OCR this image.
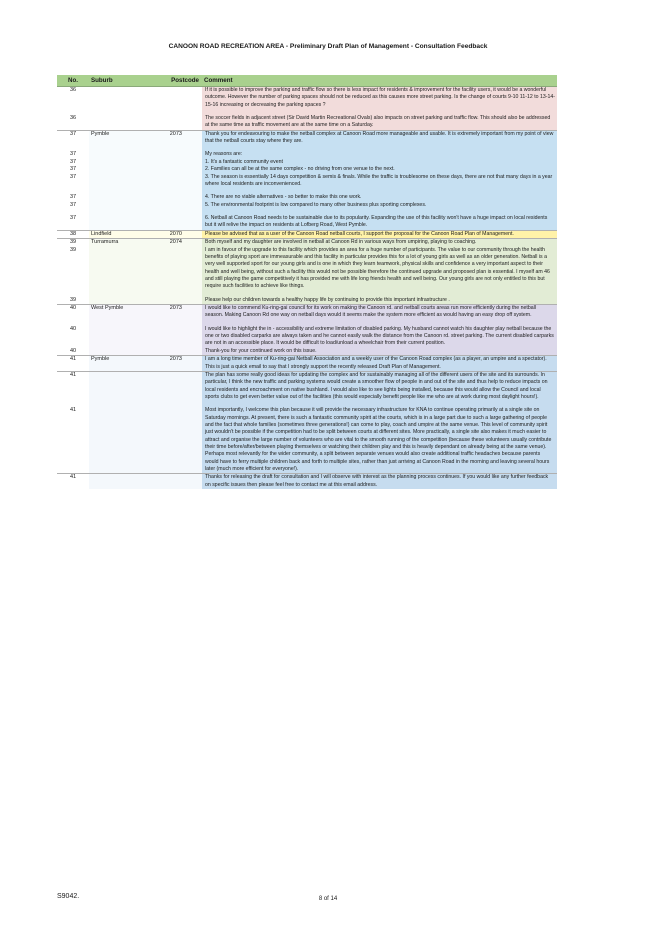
CANOON ROAD RECREATION AREA - Preliminary Draft Plan of Management - Consultation Feedback
No.	Suburb	Postcode	Comment
36			If it is possible to improve the parking and traffic flow so there is less impact for residents & improvement for the facility users, it would be a wonderful outcome. However the number of parking spaces should not be reduced as this causes more street parking. Is the change of courts 9-10 11-12 to 13-14-15-16 increasing or decreasing the parking spaces ?

36			The soccer fields in adjacent street (Sir David Martin Recreational Ovals) also impacts on street parking and traffic flow. This should also be addressed at the same time as traffic movement are at the same time on a Saturday.
37	Pymble	2073	Thank you for endeavouring to make the netball complex at Canoon Road more manageable and usable. It is extremely important from my point of view that the netball courts stay where they are.

37			My reasons are:
37			1. It's a fantastic community event
37			2. Families can all be at the same complex - no driving from one venue to the next.
37			3. The season is essentially 14 days competition & semis & finals. While the traffic is troublesome on these days, there are not that many days in a year where local residents are inconvenienced.

37			4. There are no viable alternatives - so better to make this one work.
37			5. The environmental footprint is low compared to many other business plus sporting complexes.

37			6. Netball at Canoon Road needs to be sustainable due to its popularity. Expanding the use of this facility won't have a huge impact on local residents but it will relive the impact on residents at Lofberg Road, West Pymble.
38	Lindfield	2070	Please be advised that as a user of the Canoon Road netball courts, I support the proposal for the Canoon Road Plan of Management.
39	Turramurra	2074	Both myself and my daughter are involved in netball at Canoon Rd in various ways from umpiring, playing to coaching.
39			I am in favour of the upgrade to this facility which provides an area for a huge number of participants. The value to our community through the health benefits of playing sport are immeasurable and this facility in particular provides this for a lot of young girls as well as an older generation. Netball is a very well supported sport for our young girls and is one in which they learn teamwork, physical skills and confidence a very important aspect to their health and well being, without such a facility this would not be possible therefore the continued upgrade and proposed plan is essential. I myself am 46 and still playing the game competitively it has provided me with life long friends health and well being. Our young girls are not only entitled to this but require such facilities to achieve like things.

39			Please help our children towards a healthy happy life by continuing to provide this important infrastructure .
40	West Pymble	2073	I would like to commend Ku-ring-gai council for its work on making the Canoon rd. and netball courts areas run more efficiently during the netball season. Making Canoon Rd one way on netball days would it seems make the system more efficient as would having an easy drop off system.

40			I would like to highlight the in - accessibility and extreme limitation of disabled parking. My husband cannot watch his daughter play netball because the one or two disabled carparks are always taken and he cannot easily walk the distance from the Canoon rd. street parking. The current disabled carparks are not in an accessible place. It would be difficult to load/unload a wheelchair from their current position.
40			Thank-you for your continued work on this issue.
41	Pymble	2073	I am a long time member of Ku-ring-gai Netball Association and a weekly user of the Canoon Road complex (as a player, an umpire and a spectator). This is just a quick email to say that I strongly support the recently released Draft Plan of Management.
41			The plan has some really good ideas for updating the complex and for sustainably managing all of the different users of the site and its surrounds. In particular, I think the new traffic and parking systems would create a smoother flow of people in and out of the site and thus help to reduce impacts on local residents and encroachment on native bushland. I would also like to see lights being installed, because this would allow the Council and local sports clubs to get even better value out of the facilities (this would especially benefit people like me who are at work during most daylight hours!).

41			Most importantly, I welcome this plan because it will provide the necessary infrastructure for KNA to continue operating primarily at a single site on Saturday mornings. At present, there is such a fantastic community spirit at the courts, which is in a large part due to such a large gathering of people and the fact that whole families (sometimes three generations!) can come to play, coach and umpire at the same venue. This level of community spirit just wouldn't be possible if the competition had to be split between courts at different sites. More practically, a single site also makes it much easier to attract and organise the large number of volunteers who are vital to the smooth running of the competition (because these volunteers usually contribute their time before/after/between playing themselves or watching their children play and this is heavily dependant on already being at the same venue). Perhaps most relevantly for the wider community, a split between separate venues would also create additional traffic headaches because parents would have to ferry multiple children back and forth to multiple sites, rather than just arriving at Canoon Road in the morning and leaving several hours later (much more efficient for everyone!).
41			Thanks for releasing the draft for consultation and I will observe with interest as the planning process continues. If you would like any further feedback on specific issues then please feel free to contact me at this email address.
S9042.	8 of 14
